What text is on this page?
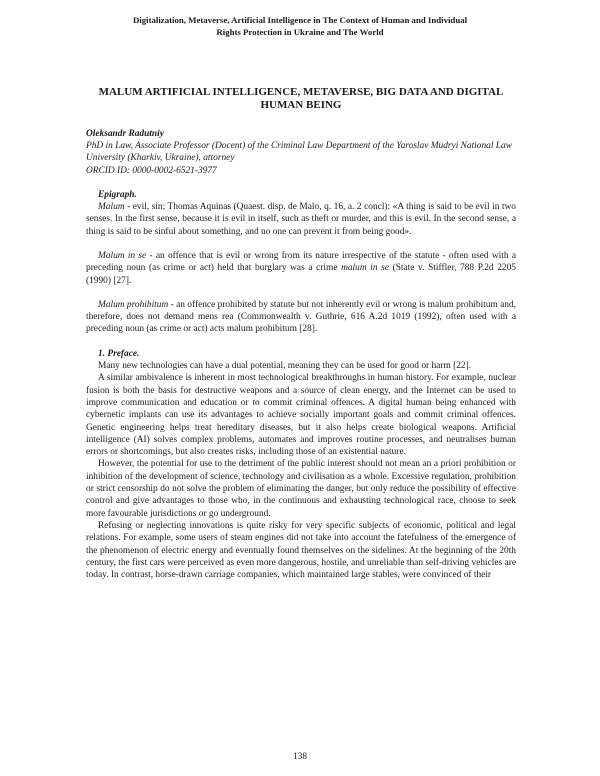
Digitalization, Metaverse, Artificial Intelligence in The Context of Human and Individual Rights Protection in Ukraine and The World

MALUM ARTIFICIAL INTELLIGENCE, METAVERSE, BIG DATA AND DIGITAL HUMAN BEING

Oleksandr Radutniy
PhD in Law, Associate Professor (Docent) of the Criminal Law Department of the Yaroslav Mudryi National Law University (Kharkiv, Ukraine), attorney
ORCID ID: 0000-0002-6521-3977
Epigraph.

Malum - evil, sin; Thomas Aquinas (Quaest. disp. de Malo, q. 16, a. 2 concl): «A thing is said to be evil in two senses. In the first sense, because it is evil in itself, such as theft or murder, and this is evil. In the second sense, a thing is said to be sinful about something, and no one can prevent it from being good».

Malum in se - an offence that is evil or wrong from its nature irrespective of the statute - often used with a preceding noun (as crime or act) held that burglary was a crime malum in se (State v. Stiffler, 788 P.2d 2205 (1990) [27].

Malum prohibitum - an offence prohibited by statute but not inherently evil or wrong is malum prohibitum and, therefore, does not demand mens rea (Commonwealth v. Guthrie, 616 A.2d 1019 (1992), often used with a preceding noun (as crime or act) acts malum prohibitum [28].

1. Preface.

Many new technologies can have a dual potential, meaning they can be used for good or harm [22].

A similar ambivalence is inherent in most technological breakthroughs in human history. For example, nuclear fusion is both the basis for destructive weapons and a source of clean energy, and the Internet can be used to improve communication and education or to commit criminal offences. A digital human being enhanced with cybernetic implants can use its advantages to achieve socially important goals and commit criminal offences. Genetic engineering helps treat hereditary diseases, but it also helps create biological weapons. Artificial intelligence (AI) solves complex problems, automates and improves routine processes, and neutralises human errors or shortcomings, but also creates risks, including those of an existential nature.

However, the potential for use to the detriment of the public interest should not mean an a priori prohibition or inhibition of the development of science, technology and civilisation as a whole. Excessive regulation, prohibition or strict censorship do not solve the problem of eliminating the danger, but only reduce the possibility of effective control and give advantages to those who, in the continuous and exhausting technological race, choose to seek more favourable jurisdictions or go underground.

Refusing or neglecting innovations is quite risky for very specific subjects of economic, political and legal relations. For example, some users of steam engines did not take into account the fatefulness of the emergence of the phenomenon of electric energy and eventually found themselves on the sidelines. At the beginning of the 20th century, the first cars were perceived as even more dangerous, hostile, and unreliable than self-driving vehicles are today. In contrast, horse-drawn carriage companies, which maintained large stables, were convinced of their

138
